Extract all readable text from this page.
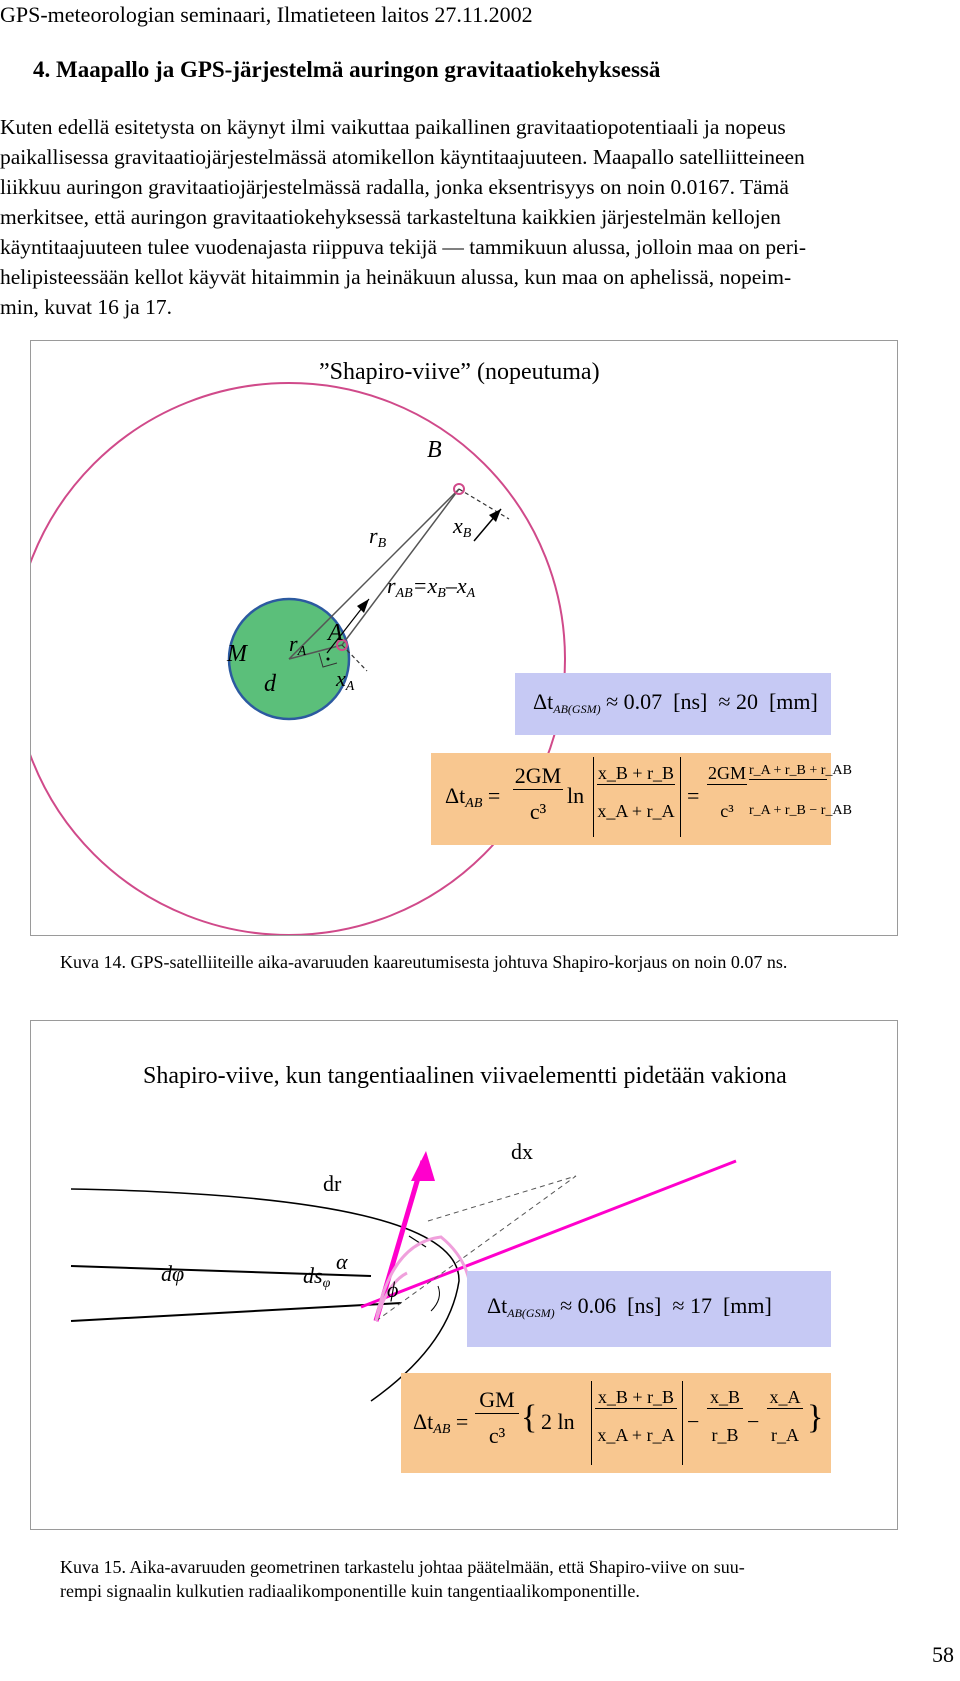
GPS-meteorologian seminaari, Ilmatieteen laitos 27.11.2002
4. Maapallo ja GPS-järjestelmä auringon gravitaatiokehyksessä
Kuten edellä esitetysta on käynyt ilmi vaikuttaa paikallinen gravitaatiopotentiaali ja nopeus
paikallisessa gravitaatiojärjestelmässä atomikellon käyntitaajuuteen. Maapallo satelliitteineen
liikkuu auringon gravitaatiojärjestelmässä radalla, jonka eksentrisyys on noin 0.0167. Tämä
merkitsee, että auringon gravitaatiokehyksessä tarkasteltuna kaikkien järjestelmän kellojen
käyntitaajuuteen tulee vuodenajasta riippuva tekijä — tammikuun alussa, jolloin maa on peri-
helipisteessään kellot käyvät hitaimmin ja heinäkuun alussa, kun maa on aphelissä, nopeim-
min, kuvat 16 ja 17.
”Shapiro-viive” (nopeutuma)
B
$r_B$
$x_B$
$r_{AB}=x_B-x_A$
M $r_A$
A
d	$x_A$
$\Delta t_{AB(GSM)} \approx 0.07$ [ns] ≈ 20 [mm]
$\Delta t_{AB}$ =
2GM
c³
ln
x_B + r_B
x_A + r_A
=
2GM
c³
r_A + r_B + r_AB
r_A + r_B − r_AB
Kuva 14. GPS-satelliiteille aika-avaruuden kaareutumisesta johtuva Shapiro-korjaus on noin 0.07 ns.
Shapiro-viive, kun tangentiaalinen viivaelementti pidetään vakiona
dx
dr
dφ	$ds_\varphi$
α
ϕ
$\Delta t_{AB(GSM)} \approx 0.06$ [ns] ≈ 17 [mm]
$\Delta t_{AB}$ =
GM
c³ { 2 ln
x_B + r_B
x_A + r_A
−
x_B
r_B
−
x_A
r_A }
Kuva 15. Aika-avaruuden geometrinen tarkastelu johtaa päätelmään, että Shapiro-viive on suu-
rempi signaalin kulkutien radiaalikomponentille kuin tangentiaalikomponentille.
58
